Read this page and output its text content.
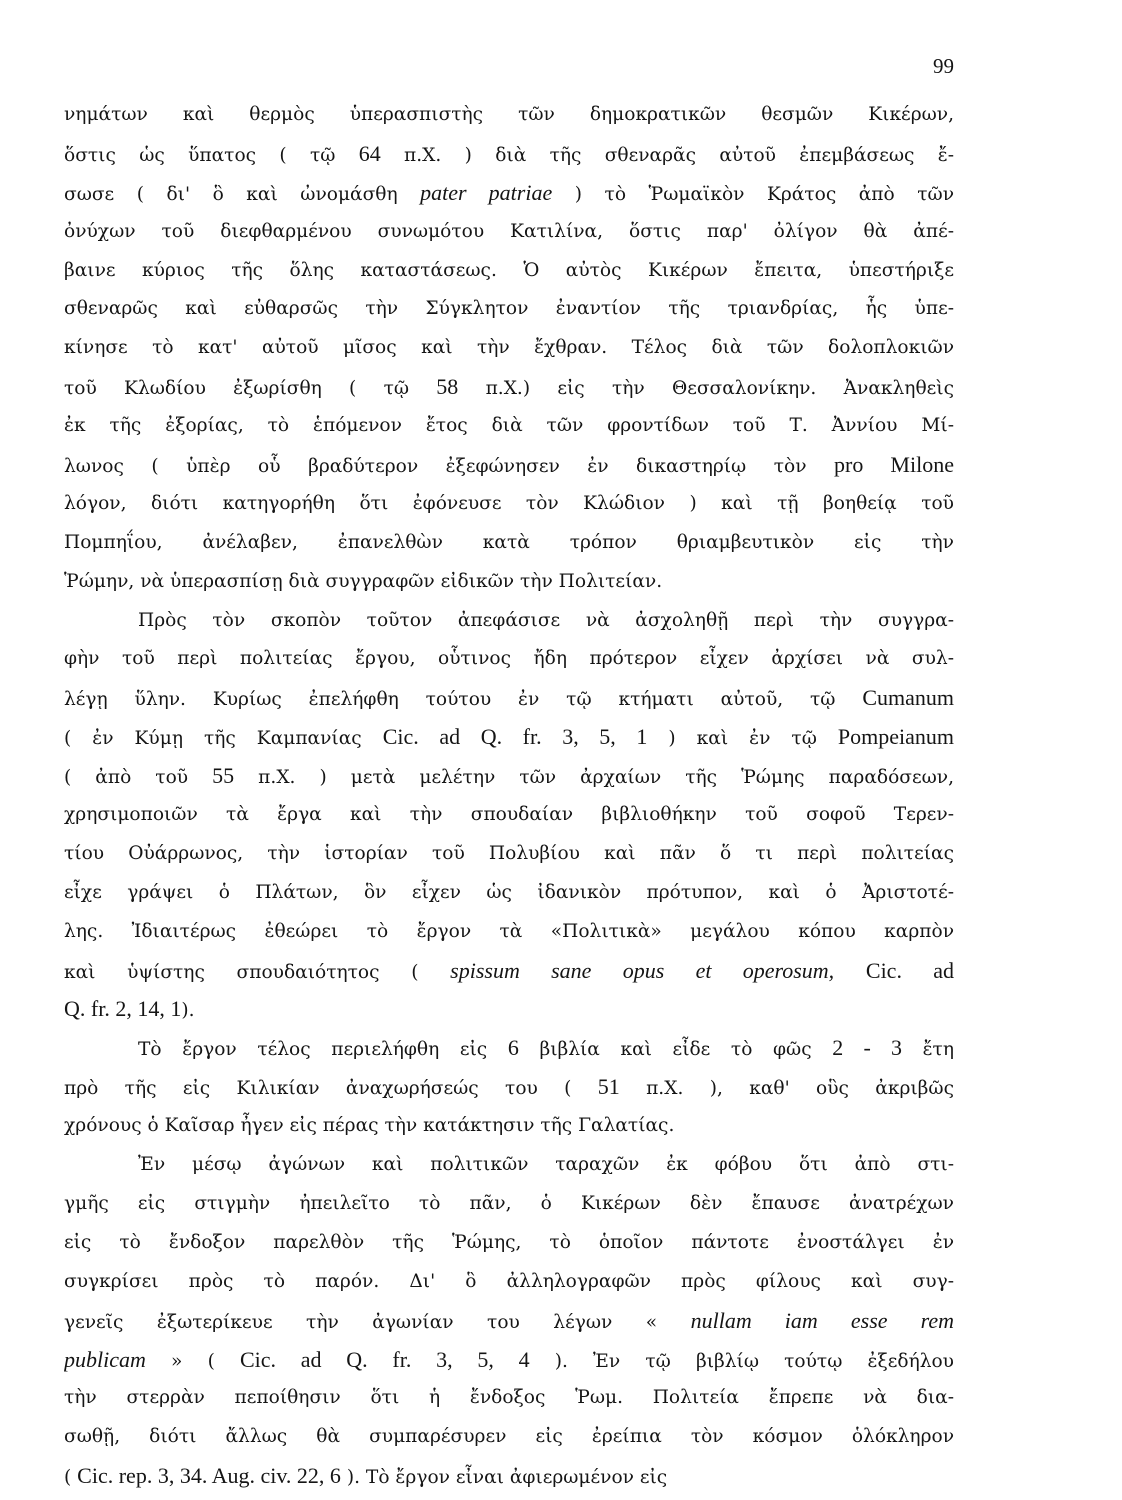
99
νημάτων καὶ θερμὸς ὑπερασπιστὴς τῶν δημοκρατικῶν θεσμῶν Κικέρων,
ὅστις ὡς ὕπατος ( τῷ 64 π.Χ. ) διὰ τῆς σθεναρᾶς αὐτοῦ ἐπεμβάσεως ἔ-
σωσε ( δι' ὃ καὶ ὠνομάσθη pater patriae ) τὸ Ῥωμαϊκὸν Κράτος ἀπὸ τῶν
ὀνύχων τοῦ διεφθαρμένου συνωμότου Κατιλίνα, ὅστις παρ' ὀλίγον θὰ ἀπέ-
βαινε κύριος τῆς ὅλης καταστάσεως. Ὁ αὐτὸς Κικέρων ἔπειτα, ὑπεστήριξε
σθεναρῶς καὶ εὐθαρσῶς τὴν Σύγκλητον ἐναντίον τῆς τριανδρίας, ἧς ὑπε-
κίνησε τὸ κατ' αὐτοῦ μῖσος καὶ τὴν ἔχθραν. Τέλος διὰ τῶν δολοπλοκιῶν
τοῦ Κλωδίου ἐξωρίσθη ( τῷ 58 π.Χ.) εἰς τὴν Θεσσαλονίκην. Ἀνακληθεὶς
ἐκ τῆς ἐξορίας, τὸ ἑπόμενον ἔτος διὰ τῶν φροντίδων τοῦ Τ. Ἀννίου Μί-
λωνος ( ὑπὲρ οὗ βραδύτερον ἐξεφώνησεν ἐν δικαστηρίῳ τὸν pro Milone
λόγον, διότι κατηγορήθη ὅτι ἐφόνευσε τὸν Κλώδιον ) καὶ τῇ βοηθείᾳ τοῦ
Πομπηΐου, ἀνέλαβεν, ἐπανελθὼν κατὰ τρόπον θριαμβευτικὸν εἰς τὴν
Ῥώμην, νὰ ὑπερασπίσῃ διὰ συγγραφῶν εἰδικῶν τὴν Πολιτείαν.
Πρὸς τὸν σκοπὸν τοῦτον ἀπεφάσισε νὰ ἀσχοληθῇ περὶ τὴν συγγρα-
φὴν τοῦ περὶ πολιτείας ἔργου, οὗτινος ἤδη πρότερον εἶχεν ἀρχίσει νὰ συλ-
λέγῃ ὕλην. Κυρίως ἐπελήφθη τούτου ἐν τῷ κτήματι αὐτοῦ, τῷ Cumanum
( ἐν Κύμῃ τῆς Καμπανίας Cic. ad Q. fr. 3, 5, 1 ) καὶ ἐν τῷ Pompeianum
( ἀπὸ τοῦ 55 π.Χ. ) μετὰ μελέτην τῶν ἀρχαίων τῆς Ῥώμης παραδόσεων,
χρησιμοποιῶν τὰ ἔργα καὶ τὴν σπουδαίαν βιβλιοθήκην τοῦ σοφοῦ Τερεν-
τίου Οὐάρρωνος, τὴν ἱστορίαν τοῦ Πολυβίου καὶ πᾶν ὅ τι περὶ πολιτείας
εἶχε γράψει ὁ Πλάτων, ὃν εἶχεν ὡς ἰδανικὸν πρότυπον, καὶ ὁ Ἀριστοτέ-
λης. Ἰδιαιτέρως ἐθεώρει τὸ ἔργον τὰ «Πολιτικὰ» μεγάλου κόπου καρπὸν
καὶ ὑψίστης σπουδαιότητος ( spissum sane opus et operosum, Cic. ad
Q. fr. 2, 14, 1).
Τὸ ἔργον τέλος περιελήφθη εἰς 6 βιβλία καὶ εἶδε τὸ φῶς 2 - 3 ἔτη
πρὸ τῆς εἰς Κιλικίαν ἀναχωρήσεώς του ( 51 π.Χ. ), καθ' οὓς ἀκριβῶς
χρόνους ὁ Καῖσαρ ἦγεν εἰς πέρας τὴν κατάκτησιν τῆς Γαλατίας.
Ἐν μέσῳ ἀγώνων καὶ πολιτικῶν ταραχῶν ἐκ φόβου ὅτι ἀπὸ στι-
γμῆς εἰς στιγμὴν ἠπειλεῖτο τὸ πᾶν, ὁ Κικέρων δὲν ἔπαυσε ἀνατρέχων
εἰς τὸ ἔνδοξον παρελθὸν τῆς Ῥώμης, τὸ ὁποῖον πάντοτε ἐνοστάλγει ἐν
συγκρίσει πρὸς τὸ παρόν. Δι' ὃ ἀλληλογραφῶν πρὸς φίλους καὶ συγ-
γενεῖς ἐξωτερίκευε τὴν ἀγωνίαν του λέγων « nullam iam esse rem
publicam » ( Cic. ad Q. fr. 3, 5, 4 ). Ἐν τῷ βιβλίῳ τούτῳ ἐξεδήλου
τὴν στερρὰν πεποίθησιν ὅτι ἡ ἔνδοξος Ῥωμ. Πολιτεία ἔπρεπε νὰ δια-
σωθῇ, διότι ἄλλως θὰ συμπαρέσυρεν εἰς ἐρείπια τὸν κόσμον ὁλόκληρον
( Cic. rep. 3, 34. Aug. civ. 22, 6 ). Τὸ ἔργον εἶναι ἀφιερωμένον εἰς
